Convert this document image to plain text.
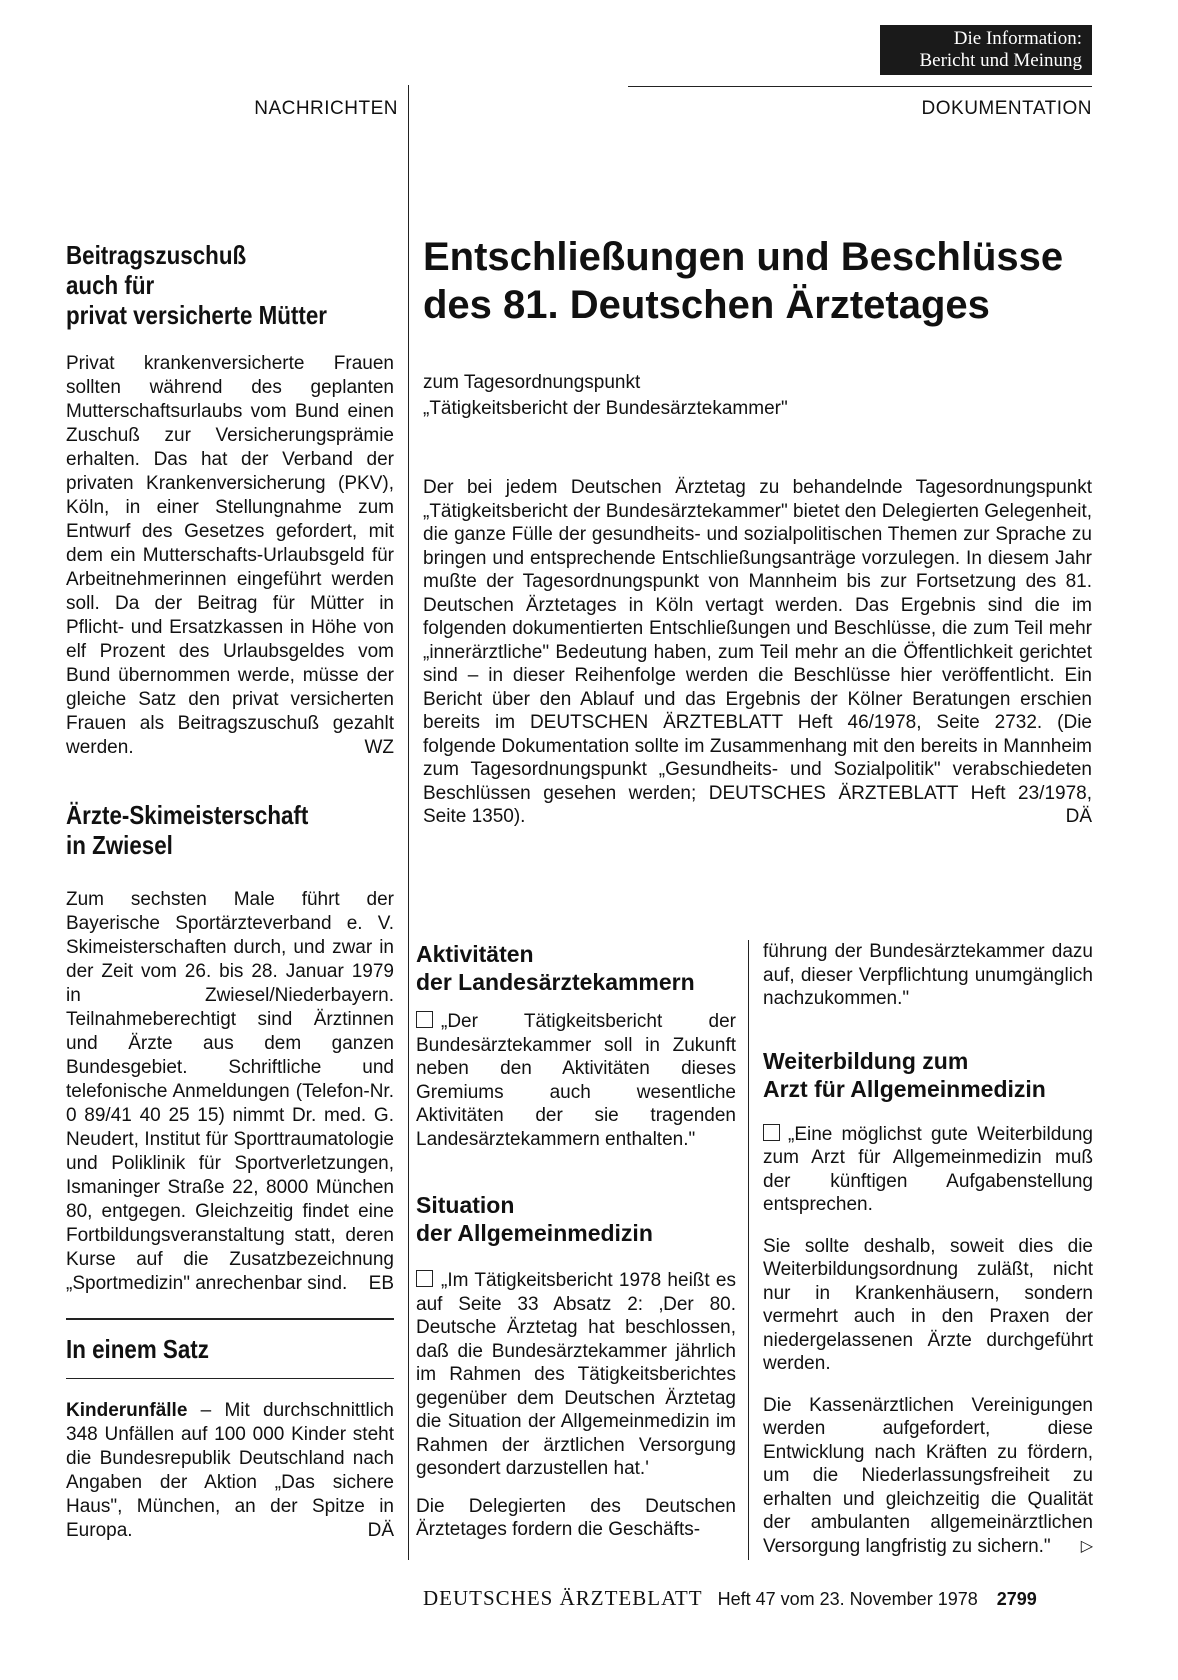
Die Information:
Bericht und Meinung
NACHRICHTEN	DOKUMENTATION
Beitragszuschuß
auch für
privat versicherte Mütter

Privat krankenversicherte Frauen sollten während des geplanten Mutterschaftsurlaubs vom Bund einen Zuschuß zur Versicherungsprämie erhalten. Das hat der Verband der privaten Krankenversicherung (PKV), Köln, in einer Stellungnahme zum Entwurf des Gesetzes gefordert, mit dem ein Mutterschafts-Urlaubsgeld für Arbeitnehmerinnen eingeführt werden soll. Da der Beitrag für Mütter in Pflicht- und Ersatzkassen in Höhe von elf Prozent des Urlaubsgeldes vom Bund übernommen werde, müsse der gleiche Satz den privat versicherten Frauen als Beitragszuschuß gezahlt werden.	WZ

Ärzte-Skimeisterschaft
in Zwiesel

Zum sechsten Male führt der Bayerische Sportärzteverband e. V. Skimeisterschaften durch, und zwar in der Zeit vom 26. bis 28. Januar 1979 in Zwiesel/Niederbayern. Teilnahmeberechtigt sind Ärztinnen und Ärzte aus dem ganzen Bundesgebiet. Schriftliche und telefonische Anmeldungen (Telefon-Nr. 0 89/41 40 25 15) nimmt Dr. med. G. Neudert, Institut für Sporttraumatologie und Poliklinik für Sportverletzungen, Ismaninger Straße 22, 8000 München 80, entgegen. Gleichzeitig findet eine Fortbildungsveranstaltung statt, deren Kurse auf die Zusatzbezeichnung „Sportmedizin" anrechenbar sind. EB

In einem Satz

Kinderunfälle – Mit durchschnittlich 348 Unfällen auf 100 000 Kinder steht die Bundesrepublik Deutschland nach Angaben der Aktion „Das sichere Haus", München, an der Spitze in Europa.	DÄ

Entschließungen und Beschlüsse
des 81. Deutschen Ärztetages
zum Tagesordnungspunkt
„Tätigkeitsbericht der Bundesärztekammer"

Der bei jedem Deutschen Ärztetag zu behandelnde Tagesordnungspunkt „Tätigkeitsbericht der Bundesärztekammer" bietet den Delegierten Gelegenheit, die ganze Fülle der gesundheits- und sozialpolitischen Themen zur Sprache zu bringen und entsprechende Entschließungsanträge vorzulegen. In diesem Jahr mußte der Tagesordnungspunkt von Mannheim bis zur Fortsetzung des 81. Deutschen Ärztetages in Köln vertagt werden. Das Ergebnis sind die im folgenden dokumentierten Entschließungen und Beschlüsse, die zum Teil mehr „innerärztliche" Bedeutung haben, zum Teil mehr an die Öffentlichkeit gerichtet sind – in dieser Reihenfolge werden die Beschlüsse hier veröffentlicht. Ein Bericht über den Ablauf und das Ergebnis der Kölner Beratungen erschien bereits im DEUTSCHEN ÄRZTEBLATT Heft 46/1978, Seite 2732. (Die folgende Dokumentation sollte im Zusammenhang mit den bereits in Mannheim zum Tagesordnungspunkt „Gesundheits- und Sozialpolitik" verabschiedeten Beschlüssen gesehen werden; DEUTSCHES ÄRZTEBLATT Heft 23/1978, Seite 1350).	DÄ

Aktivitäten
der Landesärztekammern

„Der Tätigkeitsbericht der Bundesärztekammer soll in Zukunft neben den Aktivitäten dieses Gremiums auch wesentliche Aktivitäten der sie tragenden Landesärztekammern enthalten."

Situation
der Allgemeinmedizin

„Im Tätigkeitsbericht 1978 heißt es auf Seite 33 Absatz 2: ‚Der 80. Deutsche Ärztetag hat beschlossen, daß die Bundesärztekammer jährlich im Rahmen des Tätigkeitsberichtes gegenüber dem Deutschen Ärztetag die Situation der Allgemeinmedizin im Rahmen der ärztlichen Versorgung gesondert darzustellen hat.'

Die Delegierten des Deutschen Ärztetages fordern die Geschäfts-

führung der Bundesärztekammer dazu auf, dieser Verpflichtung unumgänglich nachzukommen."

Weiterbildung zum
Arzt für Allgemeinmedizin

„Eine möglichst gute Weiterbildung zum Arzt für Allgemeinmedizin muß der künftigen Aufgabenstellung entsprechen.

Sie sollte deshalb, soweit dies die Weiterbildungsordnung zuläßt, nicht nur in Krankenhäusern, sondern vermehrt auch in den Praxen der niedergelassenen Ärzte durchgeführt werden.

Die Kassenärztlichen Vereinigungen werden aufgefordert, diese Entwicklung nach Kräften zu fördern, um die Niederlassungsfreiheit zu erhalten und gleichzeitig die Qualität der ambulanten allgemeinärztlichen Versorgung langfristig zu sichern." ▷

DEUTSCHES ÄRZTEBLATT Heft 47 vom 23. November 1978 2799
